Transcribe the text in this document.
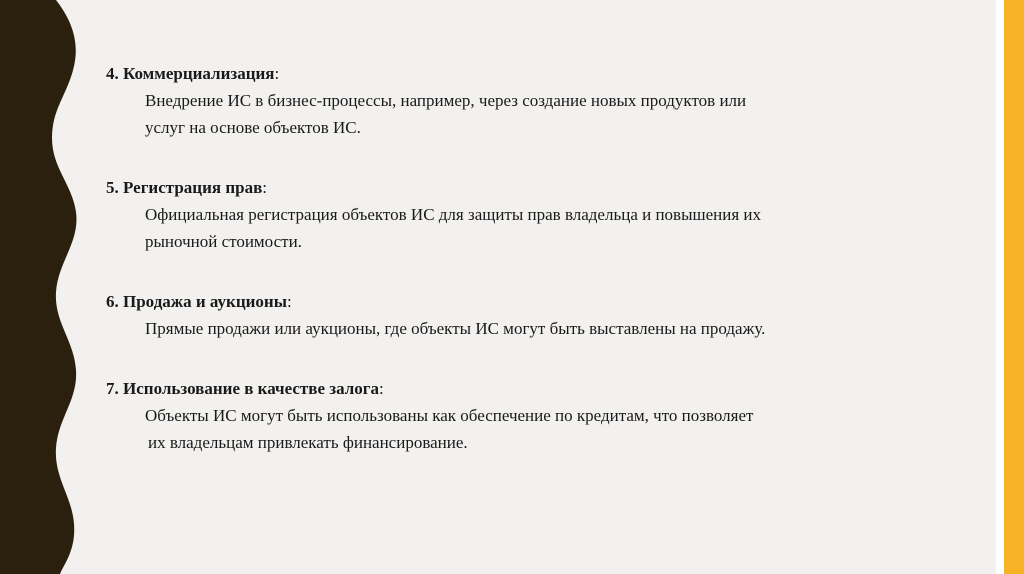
4. Коммерциализация:
Внедрение ИС в бизнес-процессы, например, через создание новых продуктов или
услуг на основе объектов ИС.
5. Регистрация прав:
Официальная регистрация объектов ИС для защиты прав владельца и повышения их
рыночной стоимости.
6. Продажа и аукционы:
Прямые продажи или аукционы, где объекты ИС могут быть выставлены на продажу.
7. Использование в качестве залога:
Объекты ИС могут быть использованы как обеспечение по кредитам, что позволяет
их владельцам привлекать финансирование.
